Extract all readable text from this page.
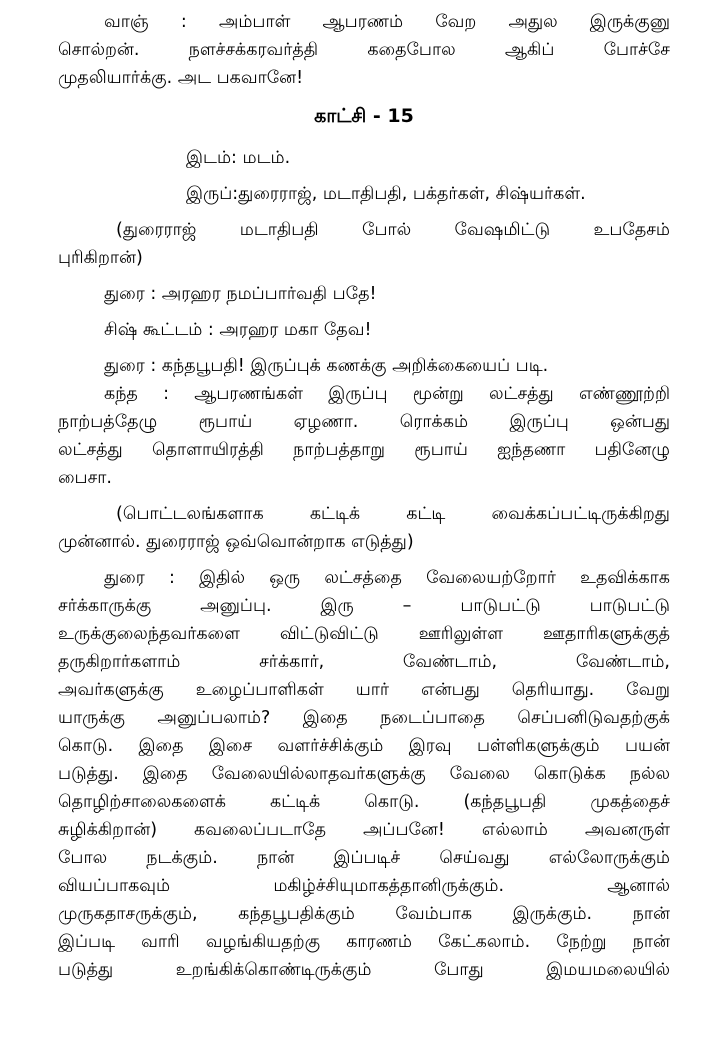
வாஞ் : அம்பாள் ஆபரணம் வேற அதுல இருக்குனு
சொல்றன். நளச்சக்கரவர்த்தி கதைபோல ஆகிப் போச்சே
முதலியார்க்கு. அட பகவானே!
காட்சி - 15
இடம்: மடம்.
இருப்:துரைராஜ், மடாதிபதி, பக்தர்கள், சிஷ்யர்கள்.
(துரைராஜ் மடாதிபதி போல் வேஷமிட்டு உபதேசம்
புரிகிறான்)
துரை : அரஹர நமப்பார்வதி பதே!
சிஷ் கூட்டம் : அரஹர மகா தேவ!
துரை : கந்தபூபதி! இருப்புக் கணக்கு அறிக்கையைப் படி.
கந்த : ஆபரணங்கள் இருப்பு மூன்று லட்சத்து எண்ணூற்றி
நாற்பத்தேழு ரூபாய் ஏழணா. ரொக்கம் இருப்பு ஒன்பது
லட்சத்து தொளாயிரத்தி நாற்பத்தாறு ரூபாய் ஐந்தணா பதினேழு
பைசா.
(பொட்டலங்களாக கட்டிக் கட்டி வைக்கப்பட்டிருக்கிறது
முன்னால். துரைராஜ் ஒவ்வொன்றாக எடுத்து)
துரை : இதில் ஒரு லட்சத்தை வேலையற்றோர் உதவிக்காக
சர்க்காருக்கு அனுப்பு. இரு – பாடுபட்டு பாடுபட்டு
உருக்குலைந்தவர்களை விட்டுவிட்டு ஊரிலுள்ள ஊதாரிகளுக்குத்
தருகிறார்களாம் சர்க்கார், வேண்டாம், வேண்டாம்,
அவர்களுக்கு உழைப்பாளிகள் யார் என்பது தெரியாது. வேறு
யாருக்கு அனுப்பலாம்? இதை நடைப்பாதை செப்பனிடுவதற்குக்
கொடு. இதை இசை வளர்ச்சிக்கும் இரவு பள்ளிகளுக்கும் பயன்
படுத்து. இதை வேலையில்லாதவர்களுக்கு வேலை கொடுக்க நல்ல
தொழிற்சாலைகளைக் கட்டிக் கொடு. (கந்தபூபதி முகத்தைச்
சுழிக்கிறான்) கவலைப்படாதே அப்பனே! எல்லாம் அவனருள்
போல நடக்கும். நான் இப்படிச் செய்வது எல்லோருக்கும்
வியப்பாகவும் மகிழ்ச்சியுமாகத்தானிருக்கும். ஆனால்
முருகதாசருக்கும், கந்தபூபதிக்கும் வேம்பாக இருக்கும். நான்
இப்படி வாரி வழங்கியதற்கு காரணம் கேட்கலாம். நேற்று நான்
படுத்து உறங்கிக்கொண்டிருக்கும் போது இமயமலையில்
